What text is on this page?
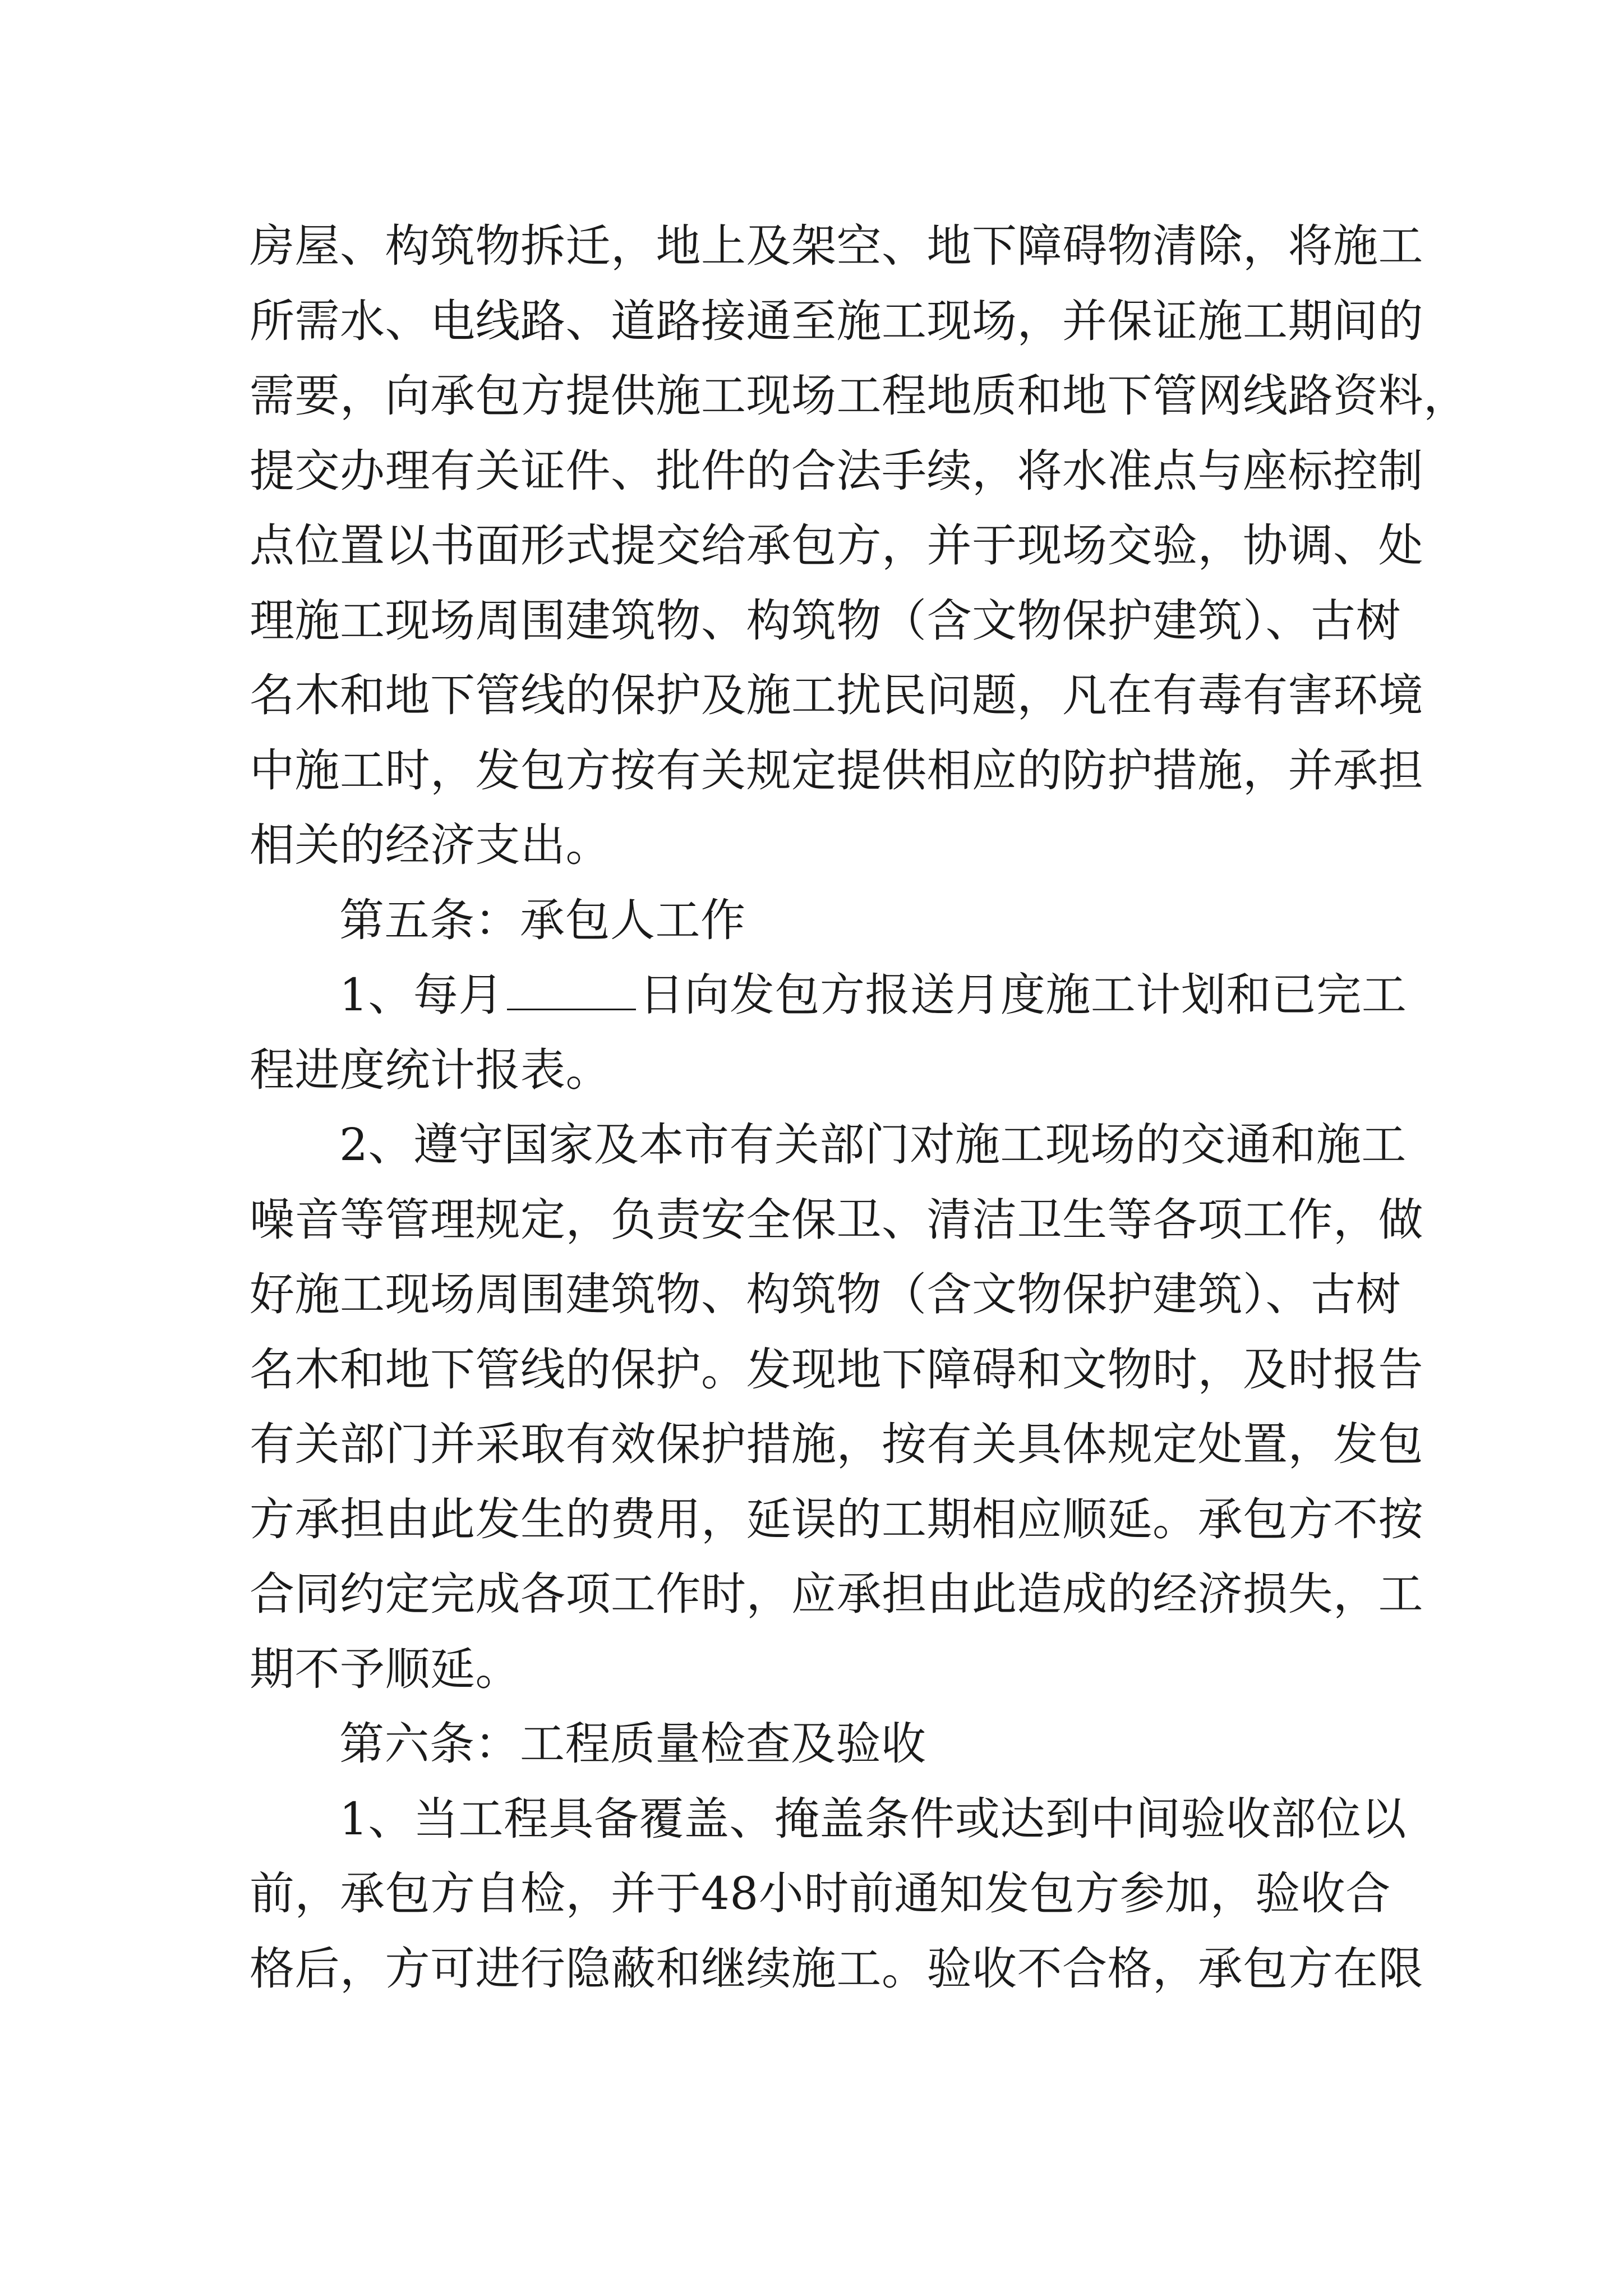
房屋、构筑物拆迁，地上及架空、地下障碍物清除，将施工
所需水、电线路、道路接通至施工现场，并保证施工期间的
需要，向承包方提供施工现场工程地质和地下管网线路资料，
提交办理有关证件、批件的合法手续，将水准点与座标控制
点位置以书面形式提交给承包方，并于现场交验，协调、处
理施工现场周围建筑物、构筑物（含文物保护建筑）、古树
名木和地下管线的保护及施工扰民问题，凡在有毒有害环境
中施工时，发包方按有关规定提供相应的防护措施，并承担
相关的经济支出。
第五条：承包人工作
1、每月	日向发包方报送月度施工计划和已完工
程进度统计报表。
2、遵守国家及本市有关部门对施工现场的交通和施工
噪音等管理规定，负责安全保卫、清洁卫生等各项工作，做
好施工现场周围建筑物、构筑物（含文物保护建筑）、古树
名木和地下管线的保护。发现地下障碍和文物时，及时报告
有关部门并采取有效保护措施，按有关具体规定处置，发包
方承担由此发生的费用，延误的工期相应顺延。承包方不按
合同约定完成各项工作时，应承担由此造成的经济损失，工
期不予顺延。
第六条：工程质量检查及验收
1、当工程具备覆盖、掩盖条件或达到中间验收部位以
前，承包方自检，并于48小时前通知发包方参加，验收合
格后，方可进行隐蔽和继续施工。验收不合格，承包方在限
